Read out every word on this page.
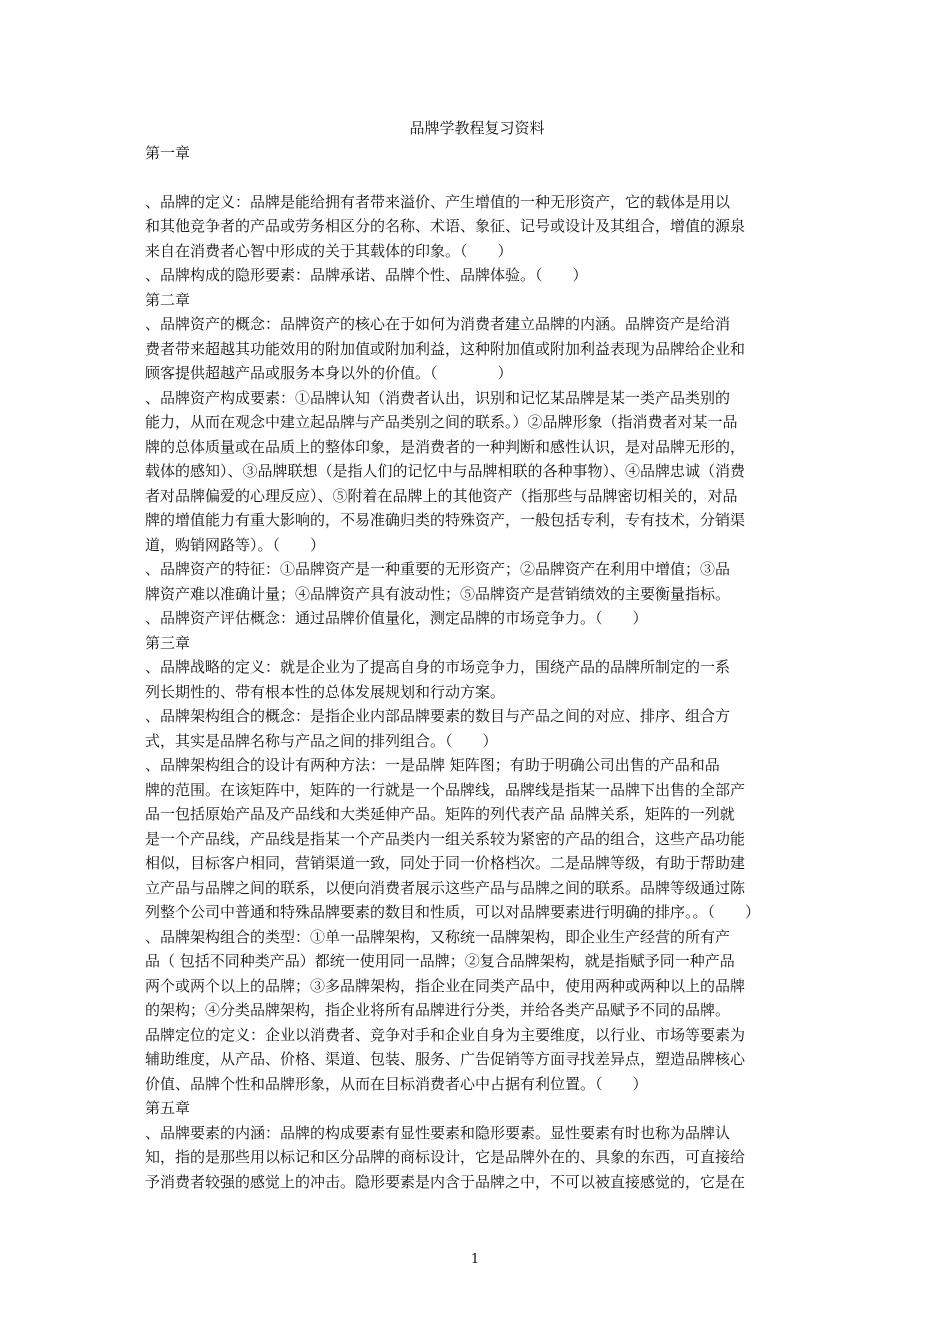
品牌学教程复习资料
第一章
、品牌的定义：品牌是能给拥有者带来溢价、产生增值的一种无形资产，它的载体是用以
和其他竞争者的产品或劳务相区分的名称、术语、象征、记号或设计及其组合，增值的源泉
来自在消费者心智中形成的关于其载体的印象。（　　）
、品牌构成的隐形要素：品牌承诺、品牌个性、品牌体验。（　　）
第二章
、品牌资产的概念：品牌资产的核心在于如何为消费者建立品牌的内涵。品牌资产是给消
费者带来超越其功能效用的附加值或附加利益，这种附加值或附加利益表现为品牌给企业和
顾客提供超越产品或服务本身以外的价值。（　　　　）
、品牌资产构成要素：①品牌认知（消费者认出，识别和记忆某品牌是某一类产品类别的
能力，从而在观念中建立起品牌与产品类别之间的联系。）②品牌形象（指消费者对某一品
牌的总体质量或在品质上的整体印象，是消费者的一种判断和感性认识，是对品牌无形的，
载体的感知）、③品牌联想（是指人们的记忆中与品牌相联的各种事物）、④品牌忠诚（消费
者对品牌偏爱的心理反应）、⑤附着在品牌上的其他资产（指那些与品牌密切相关的，对品
牌的增值能力有重大影响的，不易准确归类的特殊资产，一般包括专利，专有技术，分销渠
道，购销网路等）。（　　）
、品牌资产的特征：①品牌资产是一种重要的无形资产；②品牌资产在利用中增值；③品
牌资产难以准确计量；④品牌资产具有波动性；⑤品牌资产是营销绩效的主要衡量指标。
、品牌资产评估概念：通过品牌价值量化，测定品牌的市场竞争力。（　　）
第三章
、品牌战略的定义：就是企业为了提高自身的市场竞争力，围绕产品的品牌所制定的一系
列长期性的、带有根本性的总体发展规划和行动方案。
、品牌架构组合的概念：是指企业内部品牌要素的数目与产品之间的对应、排序、组合方
式，其实是品牌名称与产品之间的排列组合。（　　）
、品牌架构组合的设计有两种方法：一是品牌 矩阵图；有助于明确公司出售的产品和品
牌的范围。在该矩阵中，矩阵的一行就是一个品牌线，品牌线是指某一品牌下出售的全部产
品一包括原始产品及产品线和大类延伸产品。矩阵的列代表产品 品牌关系，矩阵的一列就
是一个产品线，产品线是指某一个产品类内一组关系较为紧密的产品的组合，这些产品功能
相似，目标客户相同，营销渠道一致，同处于同一价格档次。二是品牌等级，有助于帮助建
立产品与品牌之间的联系，以便向消费者展示这些产品与品牌之间的联系。品牌等级通过陈
列整个公司中普通和特殊品牌要素的数目和性质，可以对品牌要素进行明确的排序。。（　　）
、品牌架构组合的类型：①单一品牌架构，又称统一品牌架构，即企业生产经营的所有产
品（ 包括不同种类产品）都统一使用同一品牌；②复合品牌架构，就是指赋予同一种产品
两个或两个以上的品牌；③多品牌架构，指企业在同类产品中，使用两种或两种以上的品牌
的架构；④分类品牌架构，指企业将所有品牌进行分类，并给各类产品赋予不同的品牌。
品牌定位的定义：企业以消费者、竞争对手和企业自身为主要维度，以行业、市场等要素为
辅助维度，从产品、价格、渠道、包装、服务、广告促销等方面寻找差异点，塑造品牌核心
价值、品牌个性和品牌形象，从而在目标消费者心中占据有利位置。（　　）
第五章
、品牌要素的内涵：品牌的构成要素有显性要素和隐形要素。显性要素有时也称为品牌认
知，指的是那些用以标记和区分品牌的商标设计，它是品牌外在的、具象的东西，可直接给
予消费者较强的感觉上的冲击。隐形要素是内含于品牌之中，不可以被直接感觉的，它是在
1
